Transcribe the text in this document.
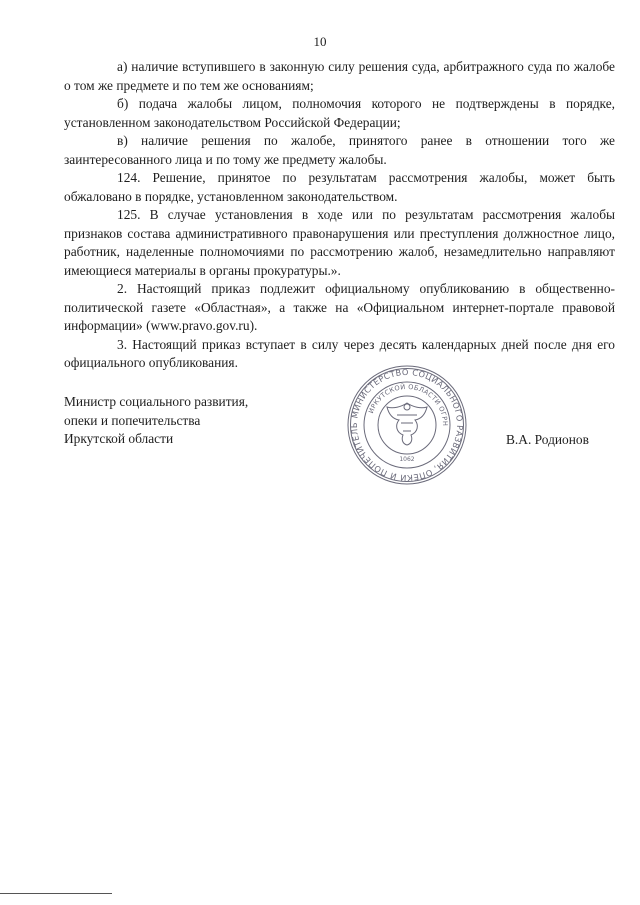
10

а) наличие вступившего в законную силу решения суда, арбитражного суда по жалобе о том же предмете и по тем же основаниям;

б) подача жалобы лицом, полномочия которого не подтверждены в порядке, установленном законодательством Российской Федерации;

в) наличие решения по жалобе, принятого ранее в отношении того же заинтересованного лица и по тому же предмету жалобы.

124. Решение, принятое по результатам рассмотрения жалобы, может быть обжаловано в порядке, установленном законодательством.

125. В случае установления в ходе или по результатам рассмотрения жалобы признаков состава административного правонарушения или преступления должностное лицо, работник, наделенные полномочиями по рассмотрению жалоб, незамедлительно направляют имеющиеся материалы в органы прокуратуры.».

2. Настоящий приказ подлежит официальному опубликованию в общественно-политической газете «Областная», а также на «Официальном интернет-портале правовой информации» (www.pravo.gov.ru).

3. Настоящий приказ вступает в силу через десять календарных дней после дня его официального опубликования.

Министр социального развития,
опеки и попечительства
Иркутской области
МИНИСТЕРСТВО СОЦИАЛЬНОГО РАЗВИТИЯ, ОПЕКИ И ПОПЕЧИТЕЛЬ
ИРКУТСКОЙ ОБЛАСТИ ОГРН
1062
В.А. Родионов
